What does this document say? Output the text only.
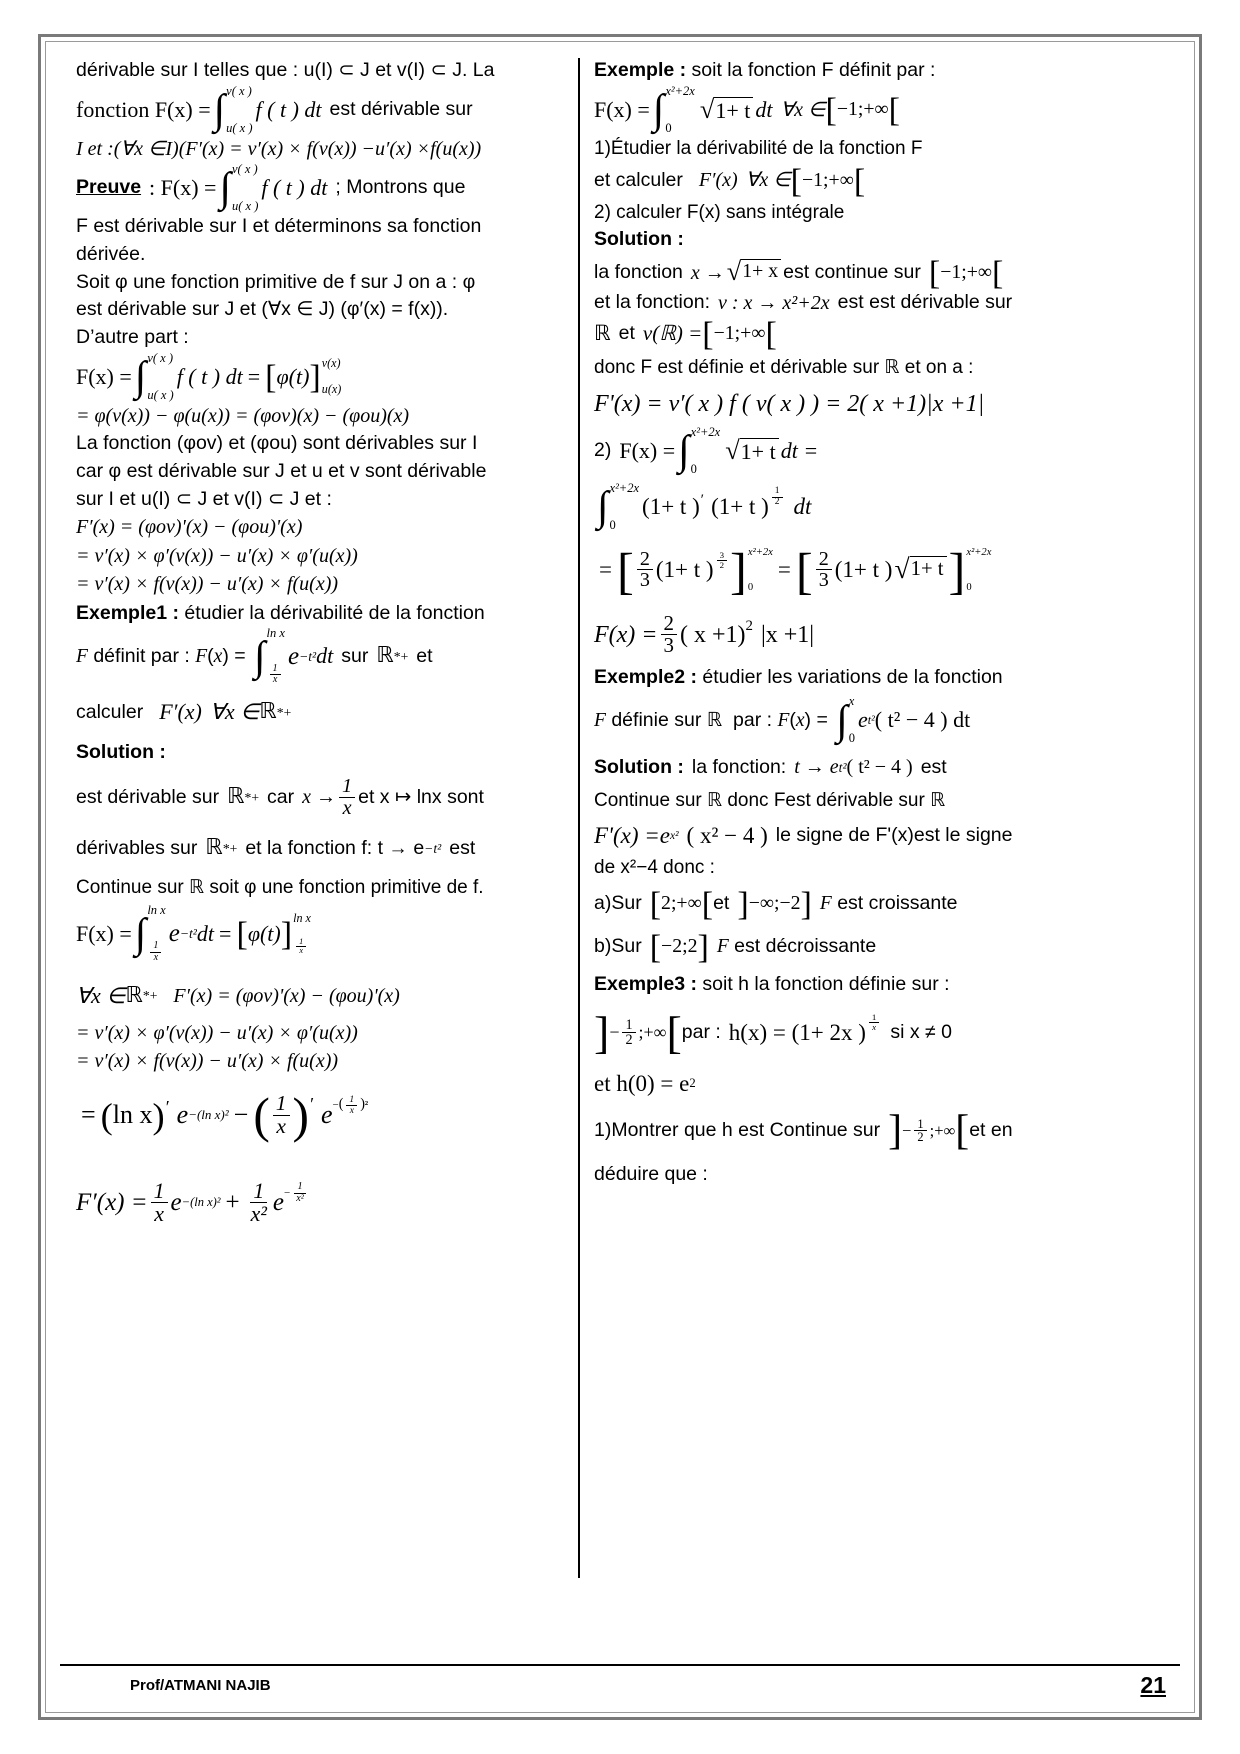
dérivable sur I telles que : u(I) ⊂ J et v(I) ⊂ J. La
fonction F(x) = ∫ v( x )
u( x )
f ( t ) dt est dérivable sur
I et :(∀x ∈I)(F′(x) = v′(x) × f(v(x)) −u′(x) ×f(u(x))
Preuve : F(x) = ∫ v( x )
u( x )
f ( t ) dt ; Montrons que
F est dérivable sur I et déterminons sa fonction
dérivée.
Soit φ une fonction primitive de f sur J on a : φ
est dérivable sur J et (∀x ∈ J) (φ′(x) = f(x)).
D’autre part :
F(x) = ∫ v( x )
u( x )
f ( t ) dt = [ φ(t) ] v(x)
u(x)
= φ(v(x)) − φ(u(x)) = (φov)(x) − (φou)(x)
La fonction (φov) et (φou) sont dérivables sur I
car φ est dérivable sur J et u et v sont dérivable
sur I et u(I) ⊂ J et v(I) ⊂ J et :
F′(x) = (φov)'(x) − (φou)'(x)
= v′(x) × φ′(v(x)) − u′(x) × φ′(u(x))
= v′(x) × f(v(x)) − u′(x) × f(u(x))
Exemple1 : étudier la dérivabilité de la fonction
F définit par : F(x) = ∫
ln x
$\frac{1}{x}$
e −t² dt sur ℝ *+ et
calculer F′(x) ∀x ∈ ℝ *+
Solution :
est dérivable sur ℝ *+ car $x \to \frac{1}{x}$ et x ↦ lnx sont
dérivables sur ℝ *+ et la fonction f: t → e −t² est
Continue sur ℝ soit φ une fonction primitive de f.
F(x) = ∫
ln x
$\frac{1}{x}$
e −t² dt = [ φ(t) ] ln x
$\frac{1}{x}$
∀x ∈ ℝ *+ F′(x) = (φov)'(x) − (φou)'(x)
= v′(x) × φ′(v(x)) − u′(x) × φ′(u(x))
= v′(x) × f(v(x)) − u′(x) × f(u(x))
= ( ln x ) ′ e −(ln x)² − ( $\frac{1}{x}$ ) ′ e − ( $\frac{1}{x}$ ) ²
$F'(x) = \frac{1}{x}$ e −(ln $x)^2 + \frac{1}{\text{x²}}$ $e - \frac{1}{\text{x²}}$
Exemple : soit la fonction F définit par :
F(x) = ∫ x²+2x
0
√ 1+ t dt ∀x ∈ [ −1;+∞ [
1)Étudier la dérivabilité de la fonction F
et calculer F′(x) ∀x ∈ [ −1;+∞ [
2) calculer F(x) sans intégrale
Solution :
la fonction x → √ 1+ x est continue sur [ −1;+∞ [
et la fonction: v : x → x²+2x est est dérivable sur
ℝ et v(ℝ) = [ −1;+∞ [
donc F est définie et dérivable sur ℝ et on a :
F'(x) = v′( x ) f ( v( x ) ) = 2( x +1)|x +1|
2) F(x) = ∫ x²+2x
0
√ 1+ t dt =
∫ x²+2x
0
(1+ t ) ′ (1+ t ) $\frac{1}{2}$ dt
= [ $\frac{2}{3} (1+ t$ ) $\frac{3}{2}$ ] x²+2x
0
= [ $\frac{2}{3} (1+ t$ ) √ 1+ t ] x²+2x
0
$F(x) = \frac{2}{3}$ ( x +1) 2 |x +1|
Exemple2 : étudier les variations de la fonction
F définie sur ℝ  par : F(x) = ∫ x
0
e t² ( t² − 4 ) dt
Solution : la fonction: t → e t² ( t² − 4 ) est
Continue sur ℝ donc Fest dérivable sur ℝ
F'(x) = e x² ( x² − 4 ) le signe de F'(x)est le signe
de x²−4 donc :
a)Sur [ 2;+∞ [ et ] −∞;−2 ] F est croissante
b)Sur [ −2;2 ] F est décroissante
Exemple3 : soit h la fonction définie sur :
] − $\frac{1}{2}$ ;+∞ [ par : h(x) = (1+ 2x ) $\frac{1}{x}$ si x ≠ 0
et h(0) = e 2
1)Montrer que h est Continue sur ] − $\frac{1}{2}$ ;+∞ [ et en
déduire que :
Prof/ATMANI NAJIB	21
